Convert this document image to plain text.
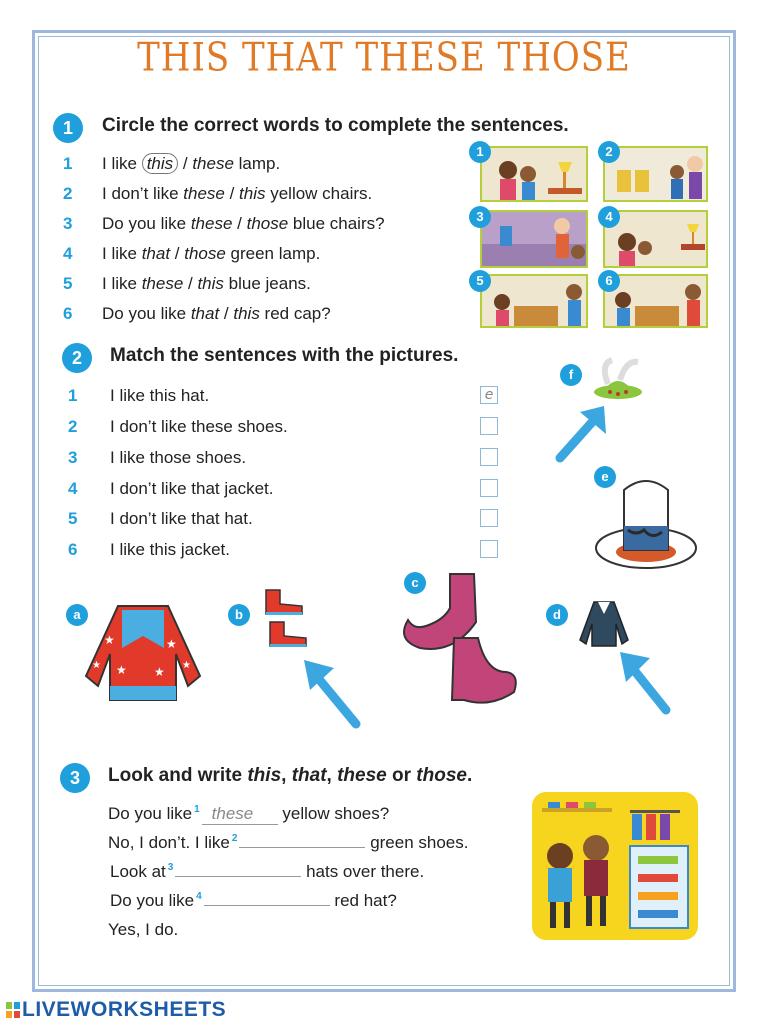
THIS THAT THESE THOSE
1	Circle the correct words to complete the sentences.
1 I like this / these lamp.
2 I don’t like these / this yellow chairs.
3 Do you like these / those blue chairs?
4 I like that / those green lamp.
5 I like these / this blue jeans.
6 Do you like that / this red cap?
1	2
3	4
5	6
2	Match the sentences with the pictures.
1 I like this hat.	e
2 I don’t like these shoes.
3 I like those shoes.
4 I don’t like that jacket.
5 I don’t like that hat.
6 I like this jacket.
f
e
a
★	★
★ ★
★	★
b
c
d
3	Look and write this, that, these or those.
Do you like $^1$ these yellow shoes?
No, I don’t. I like $^2$	green shoes.
Look at $^3$	hats over there.
Do you like $^4$	red hat?
Yes, I do.
LIVEWORKSHEETS
